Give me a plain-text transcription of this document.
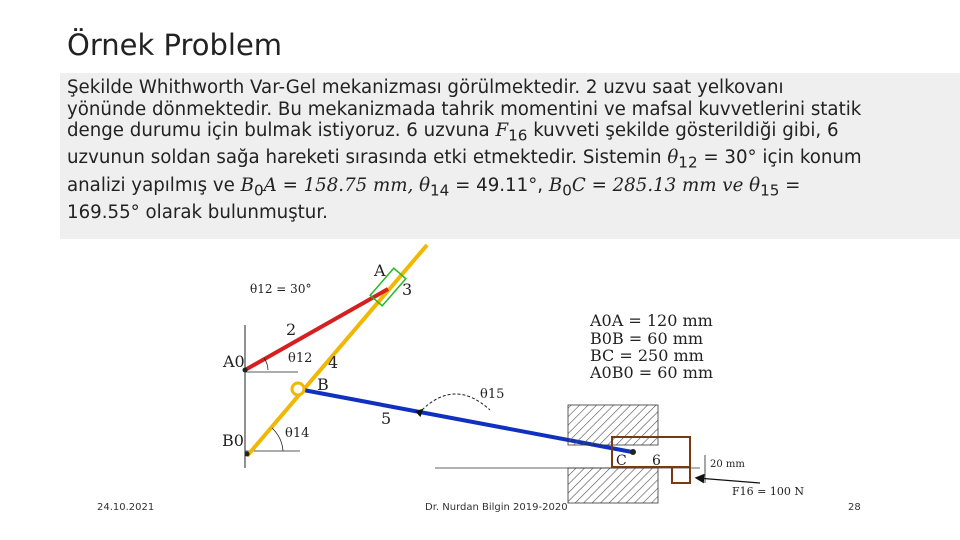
Örnek Problem
Şekilde Whithworth Var-Gel mekanizması görülmektedir. 2 uzvu saat yelkovanı
yönünde dönmektedir. Bu mekanizmada tahrik momentini ve mafsal kuvvetlerini statik
denge durumu için bulmak istiyoruz. 6 uzvuna $F_{16}$ kuvveti şekilde gösterildiği gibi, 6
uzvunun soldan sağa hareketi sırasında etki etmektedir. Sistemin $\theta_{12} = 30^\circ$ için konum
analizi yapılmış ve $B_0A = 158.75$ mm, $\theta_{14} = 49.11^\circ$, $B_0C = 285.13$ mm ve $\theta_{15}$ =
169.55° olarak bulunmuştur.
θ12 = 30°
A
3
2
A0	θ12 4
B
θ15
5
B0	θ14
C 6	20 mm
F16 = 100 N
A0A = 120 mm
B0B = 60 mm
BC = 250 mm
A0B0 = 60 mm
24.10.2021	Dr. Nurdan Bilgin 2019-2020	28
